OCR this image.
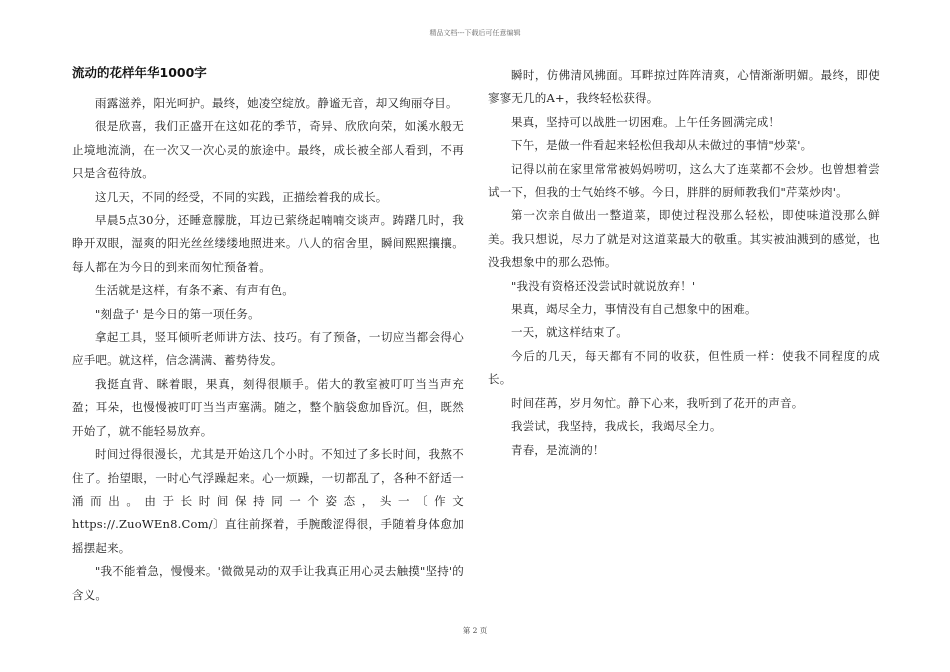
精品文档---下载后可任意编辑
流动的花样年华1000字

雨露滋养，阳光呵护。最终，她凌空绽放。静谧无音，却又绚丽夺目。

很是欣喜，我们正盛开在这如花的季节，奇异、欣欣向荣，如溪水般无止境地流淌，在一次又一次心灵的旅途中。最终，成长被全部人看到，不再只是含苞待放。

这几天，不同的经受，不同的实践，正描绘着我的成长。

早晨5点30分，还睡意朦胧，耳边已萦绕起喃喃交谈声。踌躇几时，我睁开双眼，湿爽的阳光丝丝缕缕地照进来。八人的宿舍里，瞬间熙熙攘攘。每人都在为今日的到来而匆忙预备着。

生活就是这样，有条不紊、有声有色。

"刻盘子' 是今日的第一项任务。

拿起工具，竖耳倾听老师讲方法、技巧。有了预备，一切应当都会得心应手吧。就这样，信念满满、蓄势待发。

我挺直背、眯着眼，果真，刻得很顺手。偌大的教室被叮叮当当声充盈；耳朵，也慢慢被叮叮当当声塞满。随之，整个脑袋愈加昏沉。但，既然开始了，就不能轻易放弃。

时间过得很漫长，尤其是开始这几个小时。不知过了多长时间，我熬不住了。抬望眼，一时心气浮躁起来。心一烦躁，一切都乱了，各种不舒适一涌而出。由于长时间保持同一个姿态，头一〔作文https://.ZuoWEn8.Com/〕直往前探着，手腕酸涩得很，手随着身体愈加摇摆起来。

"我不能着急，慢慢来。'微微晃动的双手让我真正用心灵去触摸"坚持'的含义。

瞬时，仿佛清风拂面。耳畔掠过阵阵清爽，心情渐渐明媚。最终，即使寥寥无几的A+，我终轻松获得。

果真，坚持可以战胜一切困难。上午任务圆满完成！

下午，是做一件看起来轻松但我却从未做过的事情"炒菜'。

记得以前在家里常常被妈妈唠叨，这么大了连菜都不会炒。也曾想着尝试一下，但我的士气始终不够。今日，胖胖的厨师教我们"芹菜炒肉'。

第一次亲自做出一整道菜，即使过程没那么轻松，即使味道没那么鲜美。我只想说，尽力了就是对这道菜最大的敬重。其实被油溅到的感觉，也没我想象中的那么恐怖。

"我没有资格还没尝试时就说放弃！'

果真，竭尽全力，事情没有自己想象中的困难。

一天，就这样结束了。

今后的几天，每天都有不同的收获，但性质一样：使我不同程度的成长。

时间荏苒，岁月匆忙。静下心来，我听到了花开的声音。

我尝试，我坚持，我成长，我竭尽全力。

青春，是流淌的！

第 2 页
